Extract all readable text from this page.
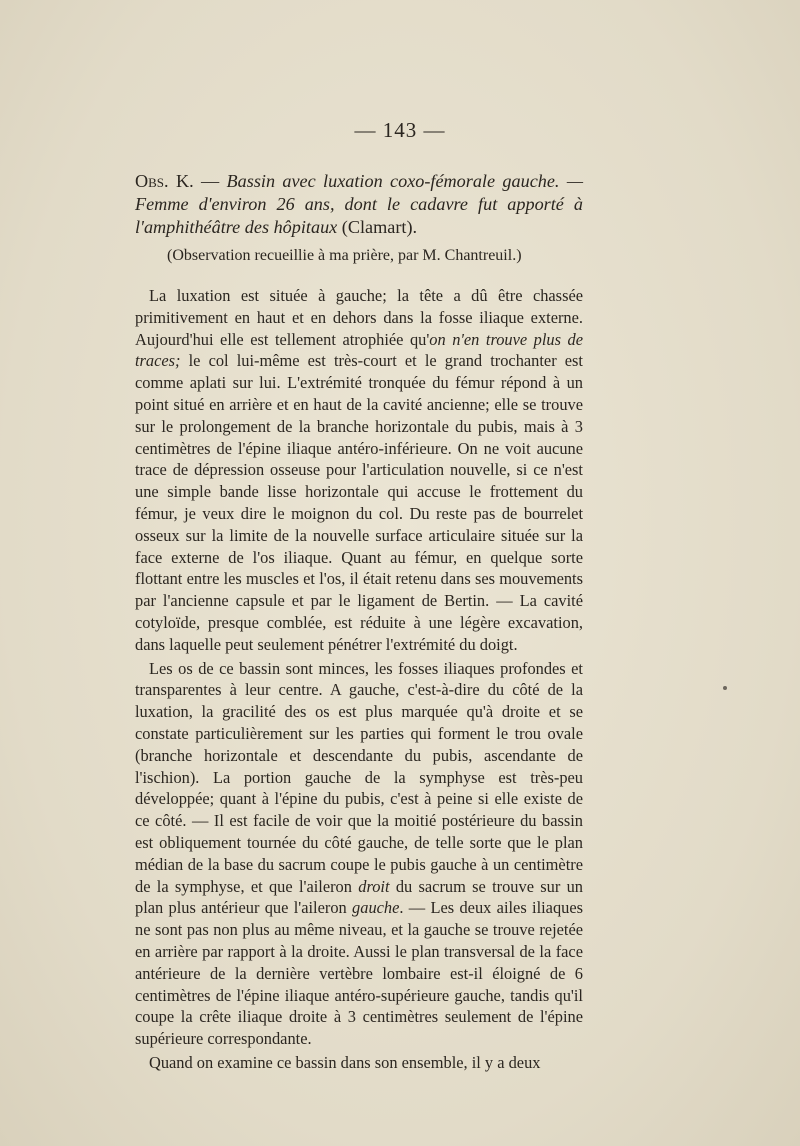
— 143 —

Obs. K. — Bassin avec luxation coxo-fémorale gauche. — Femme d'environ 26 ans, dont le cadavre fut apporté à l'amphithéâtre des hôpitaux (Clamart).

(Observation recueillie à ma prière, par M. Chantreuil.)

La luxation est située à gauche; la tête a dû être chassée primitivement en haut et en dehors dans la fosse iliaque externe. Aujourd'hui elle est tellement atrophiée qu'on n'en trouve plus de traces; le col lui-même est très-court et le grand trochanter est comme aplati sur lui. L'extrémité tronquée du fémur répond à un point situé en arrière et en haut de la cavité ancienne; elle se trouve sur le prolongement de la branche horizontale du pubis, mais à 3 centimètres de l'épine iliaque antéro-inférieure. On ne voit aucune trace de dépression osseuse pour l'articulation nouvelle, si ce n'est une simple bande lisse horizontale qui accuse le frottement du fémur, je veux dire le moignon du col. Du reste pas de bourrelet osseux sur la limite de la nouvelle surface articulaire située sur la face externe de l'os iliaque. Quant au fémur, en quelque sorte flottant entre les muscles et l'os, il était retenu dans ses mouvements par l'ancienne capsule et par le ligament de Bertin. — La cavité cotyloïde, presque comblée, est réduite à une légère excavation, dans laquelle peut seulement pénétrer l'extrémité du doigt.

Les os de ce bassin sont minces, les fosses iliaques profondes et transparentes à leur centre. A gauche, c'est-à-dire du côté de la luxation, la gracilité des os est plus marquée qu'à droite et se constate particulièrement sur les parties qui forment le trou ovale (branche horizontale et descendante du pubis, ascendante de l'ischion). La portion gauche de la symphyse est très-peu développée; quant à l'épine du pubis, c'est à peine si elle existe de ce côté. — Il est facile de voir que la moitié postérieure du bassin est obliquement tournée du côté gauche, de telle sorte que le plan médian de la base du sacrum coupe le pubis gauche à un centimètre de la symphyse, et que l'aileron droit du sacrum se trouve sur un plan plus antérieur que l'aileron gauche. — Les deux ailes iliaques ne sont pas non plus au même niveau, et la gauche se trouve rejetée en arrière par rapport à la droite. Aussi le plan transversal de la face antérieure de la dernière vertèbre lombaire est-il éloigné de 6 centimètres de l'épine iliaque antéro-supérieure gauche, tandis qu'il coupe la crête iliaque droite à 3 centimètres seulement de l'épine supérieure correspondante.

Quand on examine ce bassin dans son ensemble, il y a deux
